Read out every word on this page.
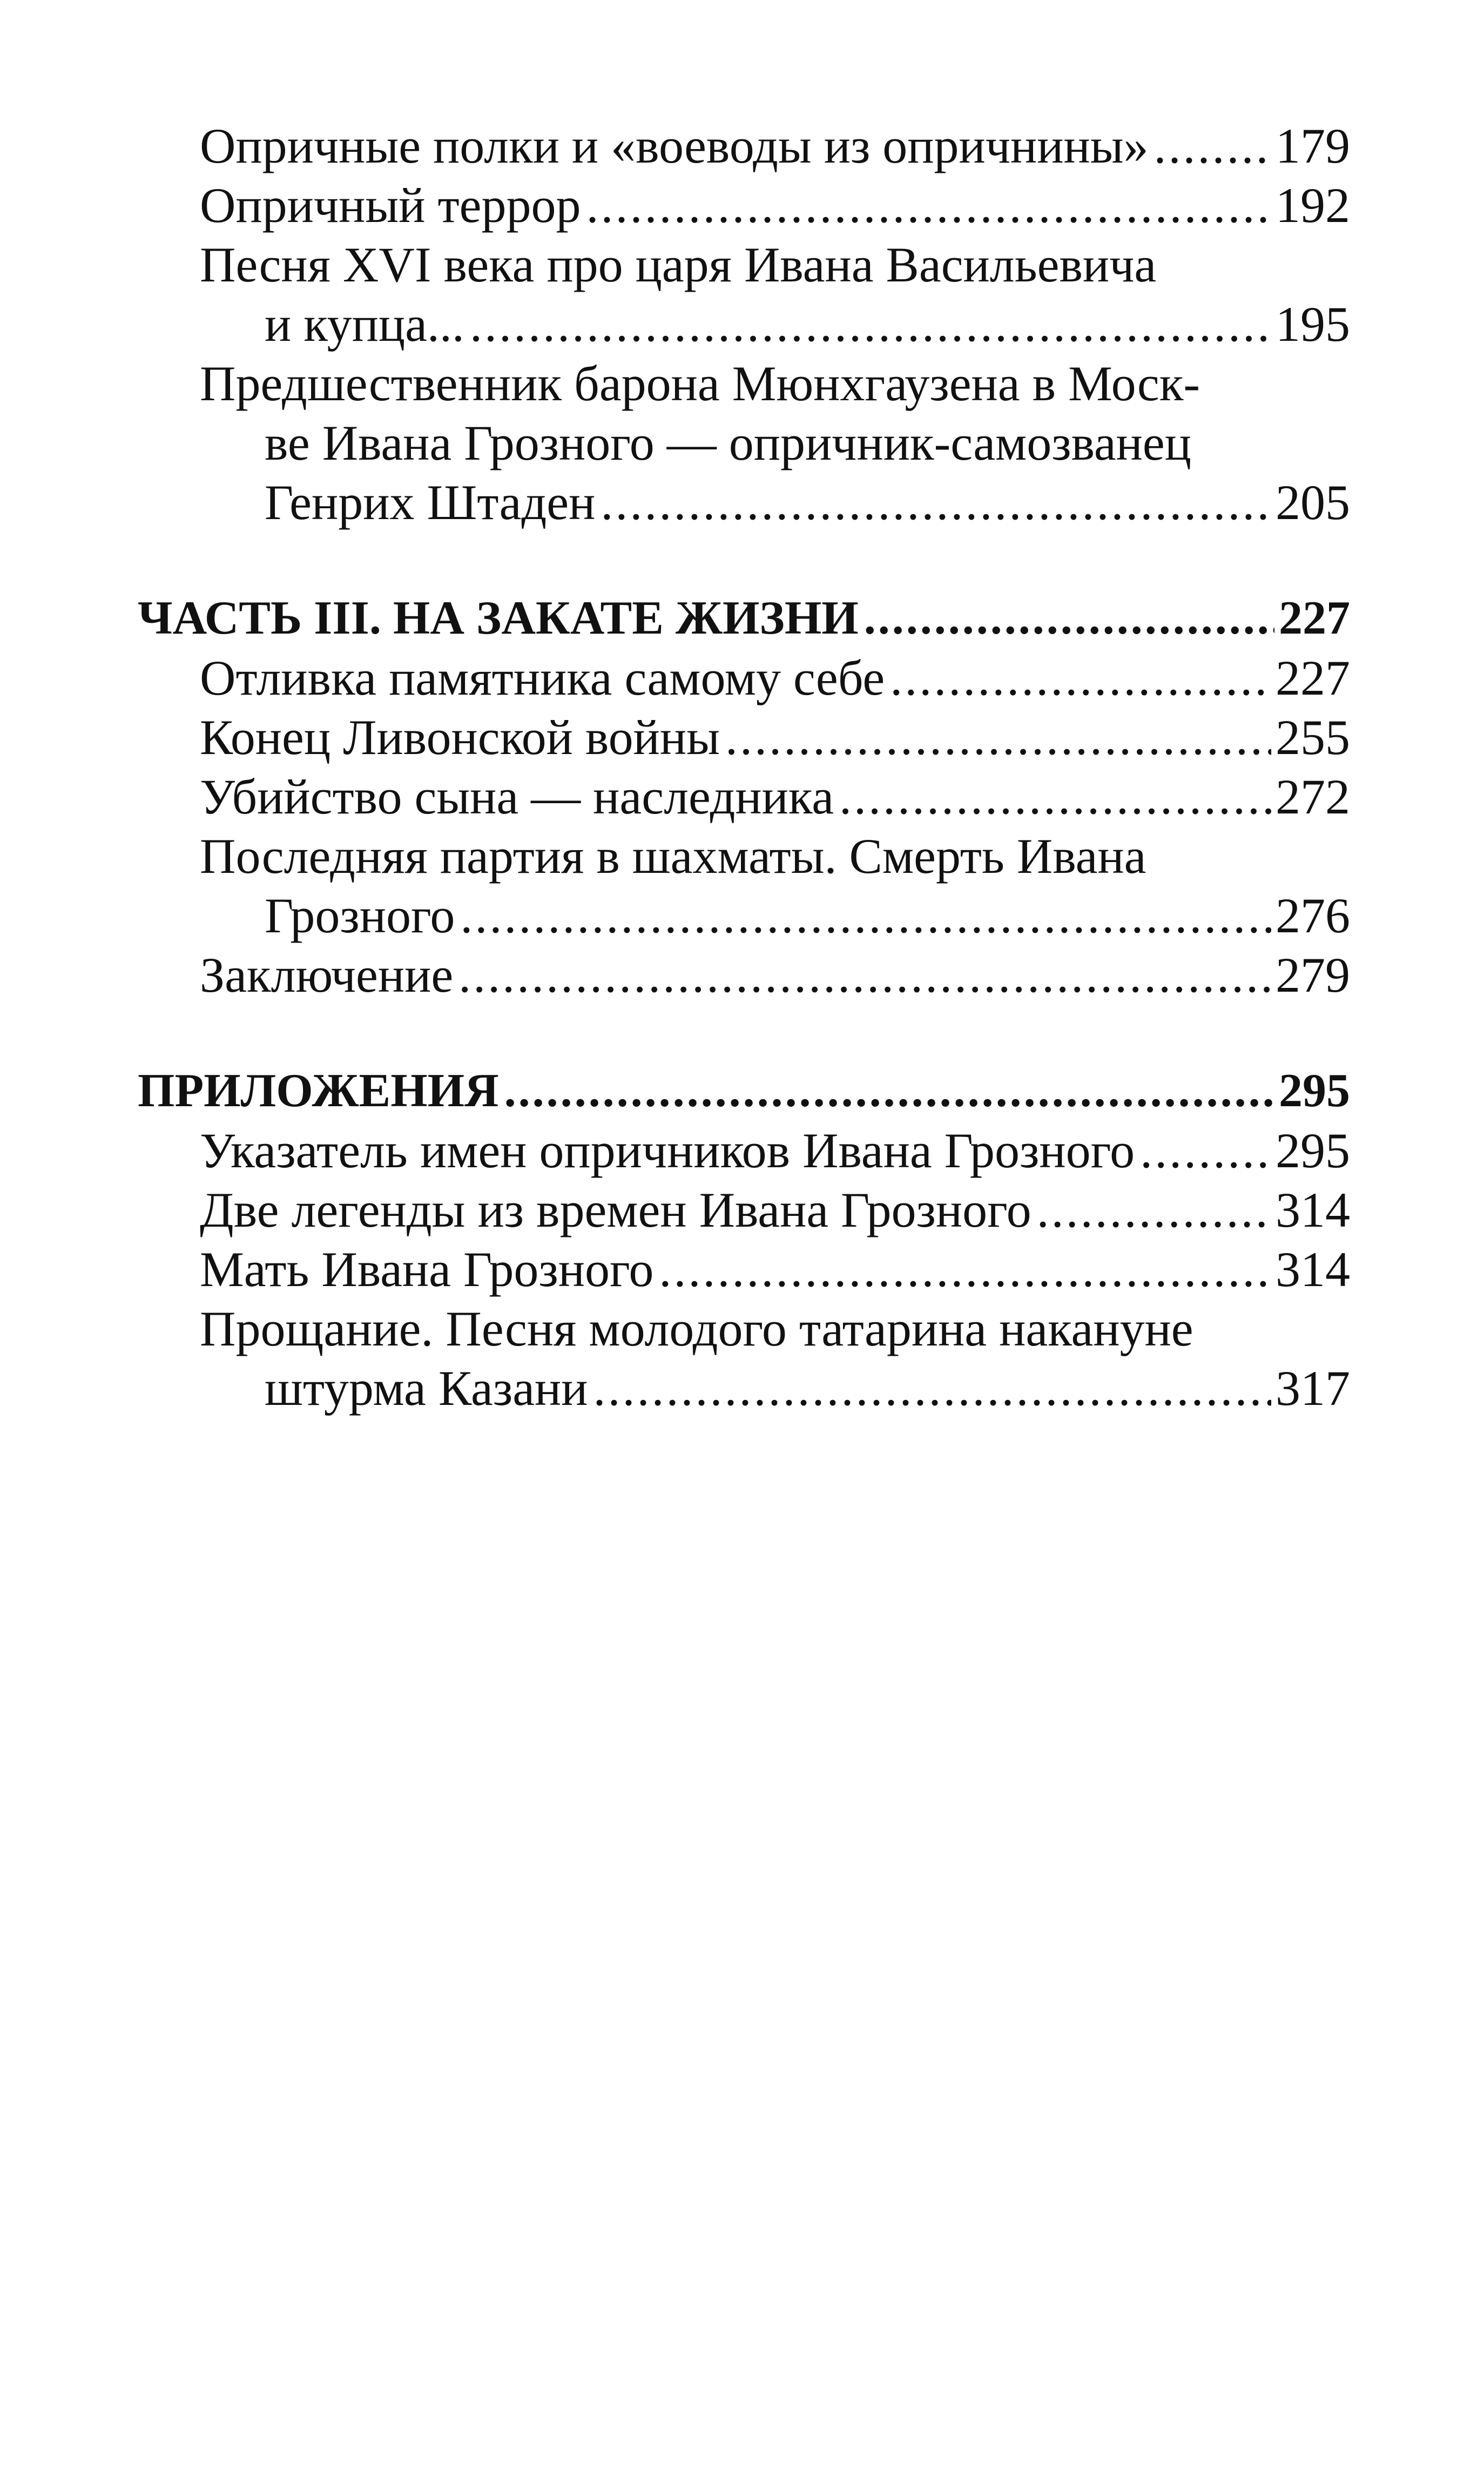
Опричные полки и «воеводы из опричнины» .....	179
Опричный террор .....	192
Песня XVI века про царя Ивана Васильевича
и купца... .....	195
Предшественник барона Мюнхгаузена в Моск-
ве Ивана Грозного — опричник-самозванец
Генрих Штаден .....	205
ЧАСТЬ III. НА ЗАКАТЕ ЖИЗНИ .....	227
Отливка памятника самому себе .....	227
Конец Ливонской войны .....	255
Убийство сына — наследника .....	272
Последняя партия в шахматы. Смерть Ивана
Грозного .....	276
Заключение .....	279
ПРИЛОЖЕНИЯ .....	295
Указатель имен опричников Ивана Грозного .....	295
Две легенды из времен Ивана Грозного .....	314
Мать Ивана Грозного .....	314
Прощание. Песня молодого татарина накануне
штурма Казани .....	317
